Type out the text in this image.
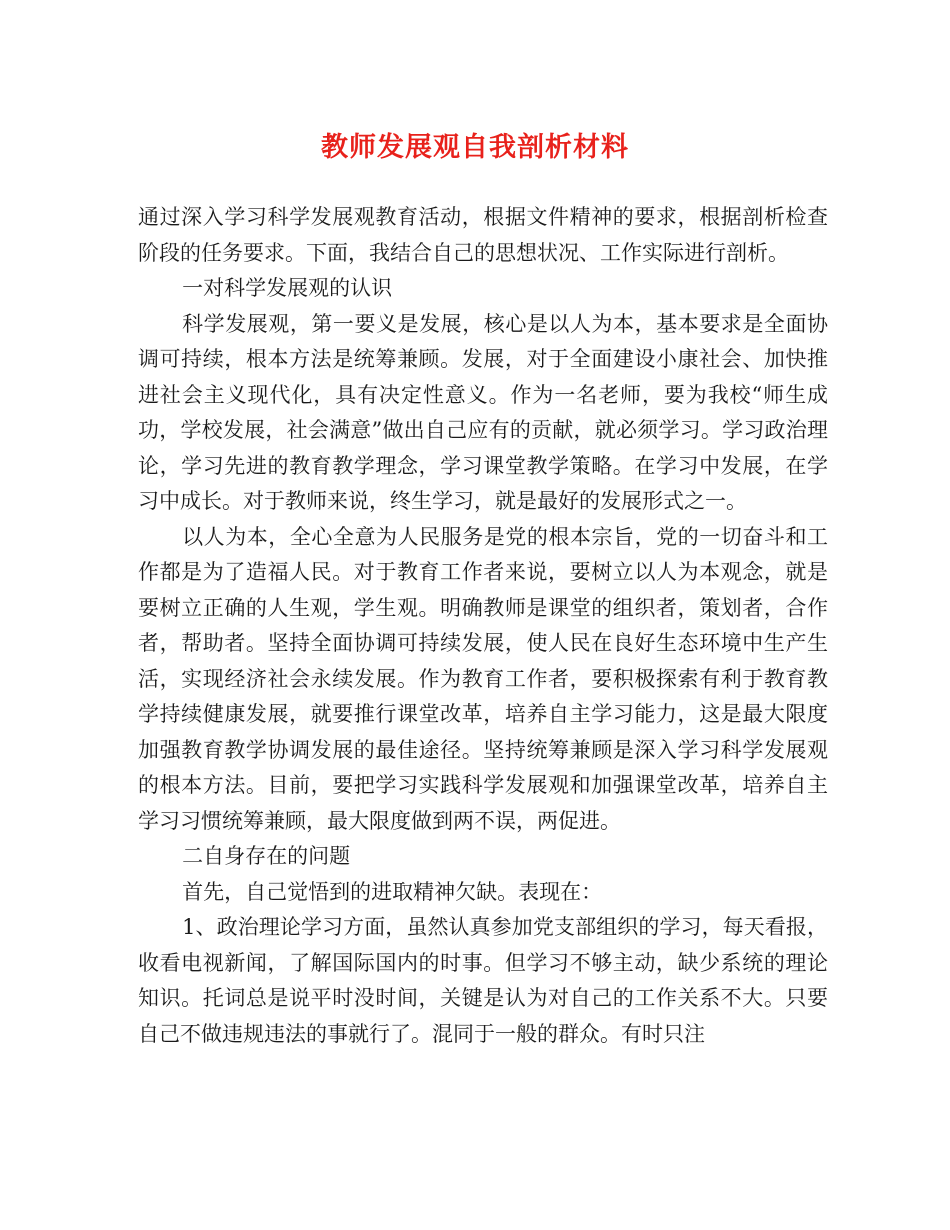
教师发展观自我剖析材料

通过深入学习科学发展观教育活动，根据文件精神的要求，根据剖析检查阶段的任务要求。下面，我结合自己的思想状况、工作实际进行剖析。

一对科学发展观的认识

科学发展观，第一要义是发展，核心是以人为本，基本要求是全面协调可持续，根本方法是统筹兼顾。发展，对于全面建设小康社会、加快推进社会主义现代化，具有决定性意义。作为一名老师，要为我校“师生成功，学校发展，社会满意”做出自己应有的贡献，就必须学习。学习政治理论，学习先进的教育教学理念，学习课堂教学策略。在学习中发展，在学习中成长。对于教师来说，终生学习，就是最好的发展形式之一。

以人为本，全心全意为人民服务是党的根本宗旨，党的一切奋斗和工作都是为了造福人民。对于教育工作者来说，要树立以人为本观念，就是要树立正确的人生观，学生观。明确教师是课堂的组织者，策划者，合作者，帮助者。坚持全面协调可持续发展，使人民在良好生态环境中生产生活，实现经济社会永续发展。作为教育工作者，要积极探索有利于教育教学持续健康发展，就要推行课堂改革，培养自主学习能力，这是最大限度加强教育教学协调发展的最佳途径。坚持统筹兼顾是深入学习科学发展观的根本方法。目前，要把学习实践科学发展观和加强课堂改革，培养自主学习习惯统筹兼顾，最大限度做到两不误，两促进。

二自身存在的问题

首先，自己觉悟到的进取精神欠缺。表现在：

1、政治理论学习方面，虽然认真参加党支部组织的学习，每天看报，收看电视新闻，了解国际国内的时事。但学习不够主动，缺少系统的理论知识。托词总是说平时没时间，关键是认为对自己的工作关系不大。只要自己不做违规违法的事就行了。混同于一般的群众。有时只注
